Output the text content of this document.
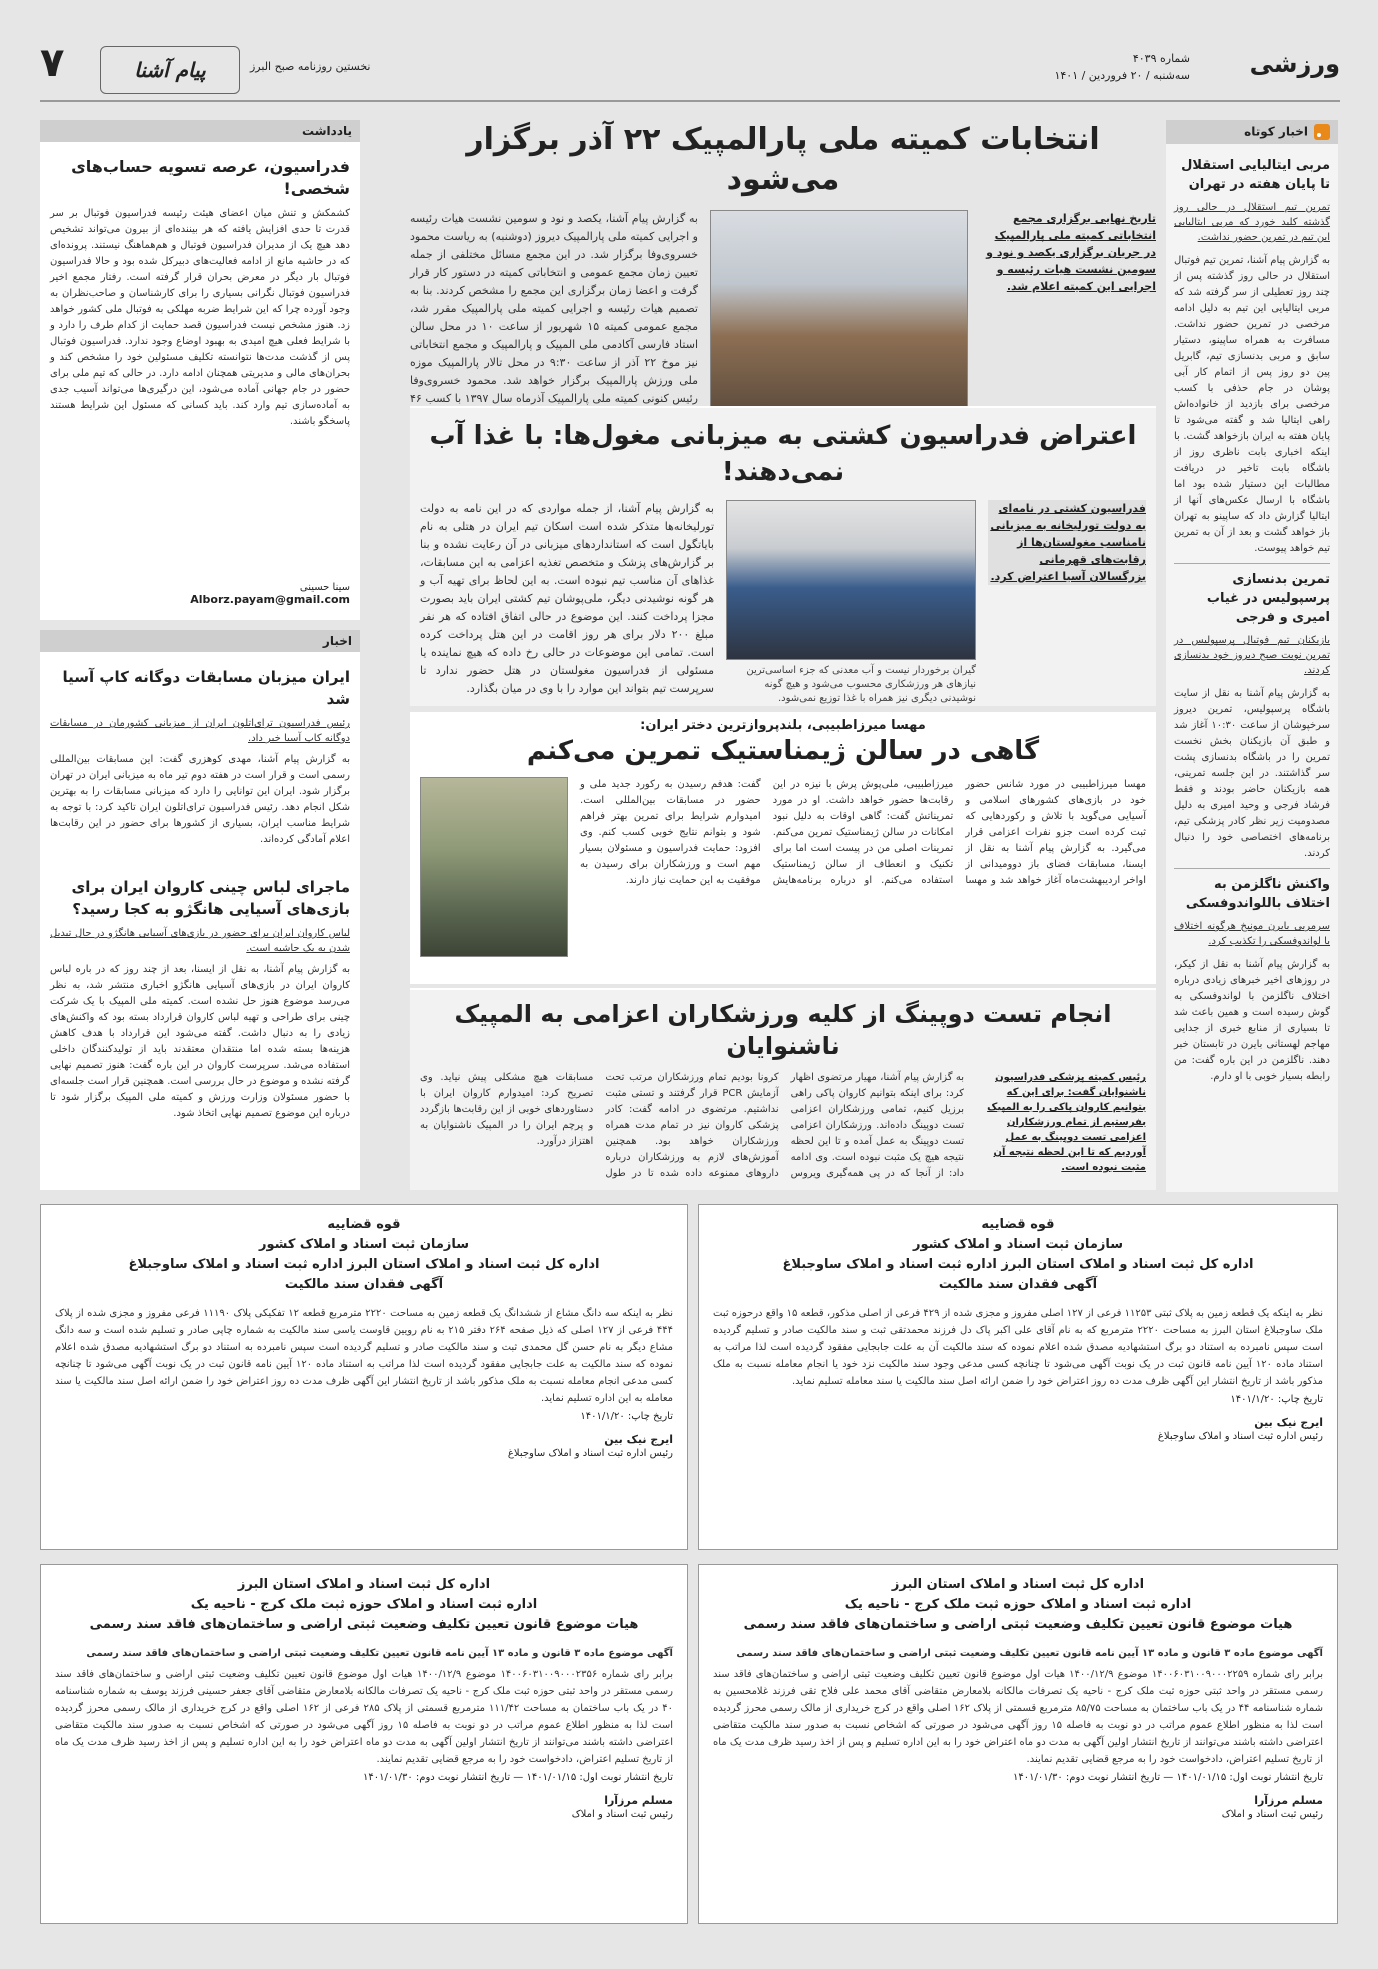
ورزشی
شماره ۴۰۳۹
سه‌شنبه / ۲۰ فروردین / ۱۴۰۱
۷	پیام آشنا	نخستین روزنامه صبح البرز
اخبار کوتاه
مربی ایتالیایی استقلال تا پایان هفته در تهران
تمرین تیم استقلال در حالی روز گذشته کلید خورد که مربی ایتالیایی این تیم در تمرین حضور نداشت.
به گزارش پیام آشنا، تمرین تیم فوتبال استقلال در حالی روز گذشته پس از چند روز تعطیلی از سر گرفته شد که مربی ایتالیایی این تیم به دلیل ادامه مرخصی در تمرین حضور نداشت. مسافرت به همراه ساپینو، دستیار سابق و مربی بدنسازی تیم، گابریل پین دو روز پس از اتمام کار آبی پوشان در جام حذفی با کسب مرخصی برای بازدید از خانواده‌اش راهی ایتالیا شد و گفته می‌شود تا پایان هفته به ایران بازخواهد گشت. با اینکه اخباری بابت ناظری روز از باشگاه بابت تاخیر در دریافت مطالبات این دستیار شده بود اما باشگاه با ارسال عکس‌های آنها از ایتالیا گزارش داد که ساپینو به تهران باز خواهد گشت و بعد از آن به تمرین تیم خواهد پیوست.
تمرین بدنسازی پرسپولیس در غیاب امیری و فرجی
بازیکنان تیم فوتبال پرسپولیس در تمرین نوبت صبح دیروز خود بدنسازی کردند.
به گزارش پیام آشنا به نقل از سایت باشگاه پرسپولیس، تمرین دیروز سرخپوشان از ساعت ۱۰:۳۰ آغاز شد و طبق آن بازیکنان بخش نخست تمرین را در باشگاه بدنسازی پشت سر گذاشتند. در این جلسه تمرینی، همه بازیکنان حاضر بودند و فقط فرشاد فرجی و وحید امیری به دلیل مصدومیت زیر نظر کادر پزشکی تیم، برنامه‌های اختصاصی خود را دنبال کردند.
واکنش ناگلزمن به اختلاف باللواندوفسکی
سرمربی بایرن مونیخ هرگونه اختلاف با لواندوفسکی را تکذیب کرد.
به گزارش پیام آشنا به نقل از کیکر، در روزهای اخیر خبرهای زیادی درباره اختلاف ناگلزمن با لواندوفسکی به گوش رسیده است و همین باعث شد تا بسیاری از منابع خبری از جدایی مهاجم لهستانی بایرن در تابستان خبر دهند. ناگلزمن در این باره گفت: من رابطه بسیار خوبی با او دارم.
انتخابات کمیته ملی پارالمپیک ۲۲ آذر برگزار می‌شود
تاریخ نهایی برگزاری مجمع انتخاباتی کمیته ملی پارالمپیک در جریان برگزاری یکصد و نود و سومین نشست هیات رئیسه و اجرایی این کمیته اعلام شد.
به گزارش پیام آشنا، یکصد و نود و سومین نشست هیات رئیسه و اجرایی کمیته ملی پارالمپیک دیروز (دوشنبه) به ریاست محمود خسروی‌وفا برگزار شد. در این مجمع مسائل مختلفی از جمله تعیین زمان مجمع عمومی و انتخاباتی کمیته در دستور کار قرار گرفت و اعضا زمان برگزاری این مجمع را مشخص کردند. بنا به تصمیم هیات رئیسه و اجرایی کمیته ملی پارالمپیک مقرر شد، مجمع عمومی کمیته ۱۵ شهریور از ساعت ۱۰ در محل سالن استاد فارسی آکادمی ملی المپیک و پارالمپیک و مجمع انتخاباتی نیز موخ ۲۲ آذر از ساعت ۹:۳۰ در محل تالار پارالمپیک موزه ملی ورزش پارالمپیک برگزار خواهد شد. محمود خسروی‌وفا رئیس کنونی کمیته ملی پارالمپیک آذرماه سال ۱۳۹۷ با کسب ۴۶
یادداشت
فدراسیون، عرصه تسویه حساب‌های شخصی!
کشمکش و تنش میان اعضای هیئت رئیسه فدراسیون فوتبال بر سر قدرت تا حدی افزایش یافته که هر بیننده‌ای از بیرون می‌تواند تشخیص دهد هیچ یک از مدیران فدراسیون فوتبال و هم‌هماهنگ نیستند. پرونده‌ای که در حاشیه مانع از ادامه فعالیت‌های دبیرکل شده بود و حالا فدراسیون فوتبال بار دیگر در معرض بحران قرار گرفته است. رفتار مجمع اخیر فدراسیون فوتبال نگرانی بسیاری را برای کارشناسان و صاحب‌نظران به وجود آورده چرا که این شرایط ضربه مهلکی به فوتبال ملی کشور خواهد زد. هنوز مشخص نیست فدراسیون قصد حمایت از کدام طرف را دارد و با شرایط فعلی هیچ امیدی به بهبود اوضاع وجود ندارد. فدراسیون فوتبال پس از گذشت مدت‌ها نتوانسته تکلیف مسئولین خود را مشخص کند و بحران‌های مالی و مدیریتی همچنان ادامه دارد. در حالی که تیم ملی برای حضور در جام جهانی آماده می‌شود، این درگیری‌ها می‌تواند آسیب جدی به آماده‌سازی تیم وارد کند. باید کسانی که مسئول این شرایط هستند پاسخگو باشند.
سینا حسینی
Alborz.payam@gmail.com
اخبار
ایران میزبان مسابقات دوگانه کاپ آسیا شد
رئیس فدراسیون ترای‌اتلون ایران از میزبانی کشورمان در مسابقات دوگانه کاپ آسیا خبر داد.
به گزارش پیام آشنا، مهدی کوهزری گفت: این مسابقات بین‌المللی رسمی است و قرار است در هفته دوم تیر ماه به میزبانی ایران در تهران برگزار شود. ایران این توانایی را دارد که میزبانی مسابقات را به بهترین شکل انجام دهد. رئیس فدراسیون ترای‌اتلون ایران تاکید کرد: با توجه به شرایط مناسب ایران، بسیاری از کشورها برای حضور در این رقابت‌ها اعلام آمادگی کرده‌اند.
ماجرای لباس چینی کاروان ایران برای بازی‌های آسیایی هانگژو به کجا رسید؟
لباس کاروان ایران برای حضور در بازی‌های آسیایی هانگژو در حال تبدیل شدن به یک حاشیه است.
به گزارش پیام آشنا، به نقل از ایسنا، بعد از چند روز که در باره لباس کاروان ایران در بازی‌های آسیایی هانگژو اخباری منتشر شد، به نظر می‌رسد موضوع هنوز حل نشده است. کمیته ملی المپیک با یک شرکت چینی برای طراحی و تهیه لباس کاروان قرارداد بسته بود که واکنش‌های زیادی را به دنبال داشت. گفته می‌شود این قرارداد با هدف کاهش هزینه‌ها بسته شده اما منتقدان معتقدند باید از تولیدکنندگان داخلی استفاده می‌شد. سرپرست کاروان در این باره گفت: هنوز تصمیم نهایی گرفته نشده و موضوع در حال بررسی است. همچنین قرار است جلسه‌ای با حضور مسئولان وزارت ورزش و کمیته ملی المپیک برگزار شود تا درباره این موضوع تصمیم نهایی اتخاذ شود.
اعتراض فدراسیون کشتی به میزبانی مغول‌ها: با غذا آب نمی‌دهند!
فدراسیون کشتی در نامه‌ای به دولت تورلیخانه به میزبانی نامناسب مغولستان‌ها از رقابت‌های قهرمانی بزرگسالان آسیا اعتراض کرد.
گیران برخوردار نیست و آب معدنی که جزء اساسی‌ترین نیازهای هر ورزشکاری محسوب می‌شود و هیچ گونه نوشیدنی دیگری نیز همراه با غذا توزیع نمی‌شود.
به گزارش پیام آشنا، از جمله مواردی که در این نامه به دولت تورلیخانه‌ها متذکر شده است اسکان تیم ایران در هتلی به نام بایاتگول است که استانداردهای میزبانی در آن رعایت نشده و بنا بر گزارش‌های پزشک و متخصص تغذیه اعزامی به این مسابقات، غذاهای آن مناسب تیم نبوده است. به این لحاظ برای تهیه آب و هر گونه نوشیدنی دیگر، ملی‌پوشان تیم کشتی ایران باید بصورت مجزا پرداخت کنند. این موضوع در حالی اتفاق افتاده که هر نفر مبلغ ۲۰۰ دلار برای هر روز اقامت در این هتل پرداخت کرده است. تمامی این موضوعات در حالی رخ داده که هیچ نماینده یا مسئولی از فدراسیون مغولستان در هتل حضور ندارد تا سرپرست تیم بتواند این موارد را با وی در میان بگذارد.
مهسا میرزاطبیبی، بلندپروازترین دختر ایران:
گاهی در سالن ژیمناستیک تمرین می‌کنم
مهسا میرزاطبیبی در مورد شانس حضور خود در بازی‌های کشورهای اسلامی و آسیایی می‌گوید با تلاش و رکوردهایی که ثبت کرده است جزو نفرات اعزامی قرار می‌گیرد. به گزارش پیام آشنا به نقل از ایسنا، مسابقات فضای باز دوومیدانی از اواخر اردیبهشت‌ماه آغاز خواهد شد و مهسا میرزاطبیبی، ملی‌پوش پرش با نیزه در این رقابت‌ها حضور خواهد داشت. او در مورد تمریناتش گفت: گاهی اوقات به دلیل نبود امکانات در سالن ژیمناستیک تمرین می‌کنم. تمرینات اصلی من در پیست است اما برای تکنیک و انعطاف از سالن ژیمناستیک استفاده می‌کنم. او درباره برنامه‌هایش گفت: هدفم رسیدن به رکورد جدید ملی و حضور در مسابقات بین‌المللی است. امیدوارم شرایط برای تمرین بهتر فراهم شود و بتوانم نتایج خوبی کسب کنم. وی افزود: حمایت فدراسیون و مسئولان بسیار مهم است و ورزشکاران برای رسیدن به موفقیت به این حمایت نیاز دارند.
انجام تست دوپینگ از کلیه ورزشکاران اعزامی به المپیک ناشنوایان
رئیس کمیته پزشکی فدراسیون ناشنوایان گفت: برای این که بتوانیم کاروان پاکی را به المپیک بفرستیم از تمام ورزشکاران اعزامی تست دوپینگ به عمل آوردیم که تا این لحظه نتیجه آن مثبت نبوده است.
به گزارش پیام آشنا، مهیار مرتضوی اظهار کرد: برای اینکه بتوانیم کاروان پاکی راهی برزیل کنیم، تمامی ورزشکاران اعزامی تست دوپینگ داده‌اند. ورزشکاران اعزامی تست دوپینگ به عمل آمده و تا این لحظه نتیجه هیچ یک مثبت نبوده است. وی ادامه داد: از آنجا که در پی همه‌گیری ویروس کرونا بودیم تمام ورزشکاران مرتب تحت آزمایش PCR قرار گرفتند و تستی مثبت نداشتیم. مرتضوی در ادامه گفت: کادر پزشکی کاروان نیز در تمام مدت همراه ورزشکاران خواهد بود. همچنین آموزش‌های لازم به ورزشکاران درباره داروهای ممنوعه داده شده تا در طول مسابقات هیچ مشکلی پیش نیاید. وی تصریح کرد: امیدوارم کاروان ایران با دستاوردهای خوبی از این رقابت‌ها بازگردد و پرچم ایران را در المپیک ناشنوایان به اهتزاز درآورد.
قوه قضاییه
سازمان ثبت اسناد و املاک کشور
اداره کل ثبت اسناد و املاک استان البرز اداره ثبت اسناد و املاک ساوجبلاغ
آگهی فقدان سند مالکیت
نظر به اینکه یک قطعه زمین به پلاک ثبتی ۱۱۲۵۳ فرعی از ۱۲۷ اصلی مفروز و مجزی شده از ۴۲۹ فرعی از اصلی مذکور، قطعه ۱۵ واقع درحوزه ثبت ملک ساوجبلاغ استان البرز به مساحت ۲۲۲۰ مترمربع که به نام آقای علی اکبر پاک دل فرزند محمدتقی ثبت و سند مالکیت صادر و تسلیم گردیده است سپس نامبرده به استناد دو برگ استشهادیه مصدق شده اعلام نموده که سند مالکیت آن به علت جابجایی مفقود گردیده است لذا مراتب به استناد ماده ۱۲۰ آیین نامه قانون ثبت در یک نوبت آگهی می‌شود تا چنانچه کسی مدعی وجود سند مالکیت نزد خود یا انجام معامله نسبت به ملک مذکور باشد از تاریخ انتشار این آگهی ظرف مدت ده روز اعتراض خود را ضمن ارائه اصل سند مالکیت یا سند معامله تسلیم نماید.
تاریخ چاپ: ۱۴۰۱/۱/۲۰
ایرج نیک بین
رئیس اداره ثبت اسناد و املاک ساوجبلاغ
قوه قضاییه
سازمان ثبت اسناد و املاک کشور
اداره کل ثبت اسناد و املاک استان البرز اداره ثبت اسناد و املاک ساوجبلاغ
آگهی فقدان سند مالکیت
نظر به اینکه سه دانگ مشاع از ششدانگ یک قطعه زمین به مساحت ۲۲۲۰ مترمربع قطعه ۱۲ تفکیکی پلاک ۱۱۱۹۰ فرعی مفروز و مجزی شده از پلاک ۴۴۴ فرعی از ۱۲۷ اصلی که ذیل صفحه ۲۶۴ دفتر ۲۱۵ به نام رویین قاوست یاسی سند مالکیت به شماره چاپی صادر و تسلیم شده است و سه دانگ مشاع دیگر به نام حسن گل محمدی ثبت و سند مالکیت صادر و تسلیم گردیده است سپس نامبرده به استناد دو برگ استشهادیه مصدق شده اعلام نموده که سند مالکیت به علت جابجایی مفقود گردیده است لذا مراتب به استناد ماده ۱۲۰ آیین نامه قانون ثبت در یک نوبت آگهی می‌شود تا چنانچه کسی مدعی انجام معامله نسبت به ملک مذکور باشد از تاریخ انتشار این آگهی ظرف مدت ده روز اعتراض خود را ضمن ارائه اصل سند مالکیت یا سند معامله به این اداره تسلیم نماید.
تاریخ چاپ: ۱۴۰۱/۱/۲۰
ایرج نیک بین
رئیس اداره ثبت اسناد و املاک ساوجبلاغ
اداره کل ثبت اسناد و املاک استان البرز
اداره ثبت اسناد و املاک حوزه ثبت ملک کرج - ناحیه یک
هیات موضوع قانون تعیین تکلیف وضعیت ثبتی اراضی و ساختمان‌های فاقد سند رسمی
آگهی موضوع ماده ۳ قانون و ماده ۱۳ آیین نامه قانون تعیین تکلیف وضعیت ثبتی اراضی و ساختمان‌های فاقد سند رسمی
برابر رای شماره ۱۴۰۰۶۰۳۱۰۰۹۰۰۰۲۲۵۹ موضوع ۱۴۰۰/۱۲/۹ هیات اول موضوع قانون تعیین تکلیف وضعیت ثبتی اراضی و ساختمان‌های فاقد سند رسمی مستقر در واحد ثبتی حوزه ثبت ملک کرج - ناحیه یک تصرفات مالکانه بلامعارض متقاضی آقای محمد علی فلاح تقی فرزند غلامحسین به شماره شناسنامه ۴۴ در یک باب ساختمان به مساحت ۸۵/۷۵ مترمربع قسمتی از پلاک ۱۶۲ اصلی واقع در کرج خریداری از مالک رسمی محرز گردیده است لذا به منظور اطلاع عموم مراتب در دو نوبت به فاصله ۱۵ روز آگهی می‌شود در صورتی که اشخاص نسبت به صدور سند مالکیت متقاضی اعتراضی داشته باشند می‌توانند از تاریخ انتشار اولین آگهی به مدت دو ماه اعتراض خود را به این اداره تسلیم و پس از اخذ رسید ظرف مدت یک ماه از تاریخ تسلیم اعتراض، دادخواست خود را به مرجع قضایی تقدیم نمایند.
تاریخ انتشار نوبت اول: ۱۴۰۱/۰۱/۱۵ — تاریخ انتشار نوبت دوم: ۱۴۰۱/۰۱/۳۰
مسلم مرزآرا
رئیس ثبت اسناد و املاک
اداره کل ثبت اسناد و املاک استان البرز
اداره ثبت اسناد و املاک حوزه ثبت ملک کرج - ناحیه یک
هیات موضوع قانون تعیین تکلیف وضعیت ثبتی اراضی و ساختمان‌های فاقد سند رسمی
آگهی موضوع ماده ۳ قانون و ماده ۱۳ آیین نامه قانون تعیین تکلیف وضعیت ثبتی اراضی و ساختمان‌های فاقد سند رسمی
برابر رای شماره ۱۴۰۰۶۰۳۱۰۰۹۰۰۰۲۳۵۶ موضوع ۱۴۰۰/۱۲/۹ هیات اول موضوع قانون تعیین تکلیف وضعیت ثبتی اراضی و ساختمان‌های فاقد سند رسمی مستقر در واحد ثبتی حوزه ثبت ملک کرج - ناحیه یک تصرفات مالکانه بلامعارض متقاضی آقای جعفر حسینی فرزند یوسف به شماره شناسنامه ۴۰ در یک باب ساختمان به مساحت ۱۱۱/۴۲ مترمربع قسمتی از پلاک ۲۸۵ فرعی از ۱۶۲ اصلی واقع در کرج خریداری از مالک رسمی محرز گردیده است لذا به منظور اطلاع عموم مراتب در دو نوبت به فاصله ۱۵ روز آگهی می‌شود در صورتی که اشخاص نسبت به صدور سند مالکیت متقاضی اعتراضی داشته باشند می‌توانند از تاریخ انتشار اولین آگهی به مدت دو ماه اعتراض خود را به این اداره تسلیم و پس از اخذ رسید ظرف مدت یک ماه از تاریخ تسلیم اعتراض، دادخواست خود را به مرجع قضایی تقدیم نمایند.
تاریخ انتشار نوبت اول: ۱۴۰۱/۰۱/۱۵ — تاریخ انتشار نوبت دوم: ۱۴۰۱/۰۱/۳۰
مسلم مرزآرا
رئیس ثبت اسناد و املاک
